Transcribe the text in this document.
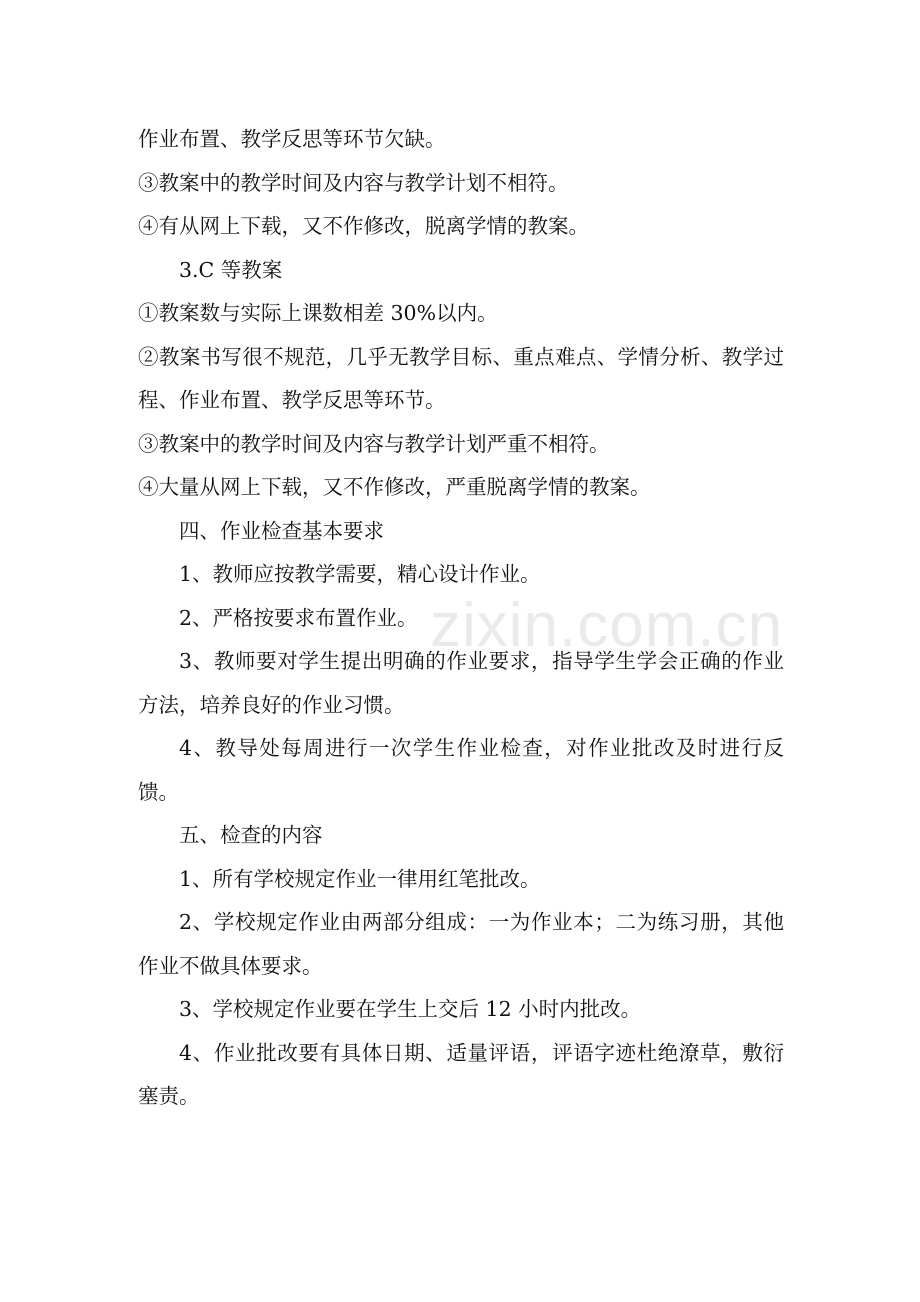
作业布置、教学反思等环节欠缺。

③教案中的教学时间及内容与教学计划不相符。

④有从网上下载，又不作修改，脱离学情的教案。

3.C 等教案

①教案数与实际上课数相差 30%以内。

②教案书写很不规范，几乎无教学目标、重点难点、学情分析、教学过程、作业布置、教学反思等环节。

③教案中的教学时间及内容与教学计划严重不相符。

④大量从网上下载，又不作修改，严重脱离学情的教案。

四、作业检查基本要求

1、教师应按教学需要，精心设计作业。

2、严格按要求布置作业。

3、教师要对学生提出明确的作业要求，指导学生学会正确的作业方法，培养良好的作业习惯。

4、教导处每周进行一次学生作业检查，对作业批改及时进行反馈。

五、检查的内容

1、所有学校规定作业一律用红笔批改。

2、学校规定作业由两部分组成：一为作业本；二为练习册，其他作业不做具体要求。

3、学校规定作业要在学生上交后 12 小时内批改。

4、作业批改要有具体日期、适量评语，评语字迹杜绝潦草，敷衍塞责。

zixin.com.cn
